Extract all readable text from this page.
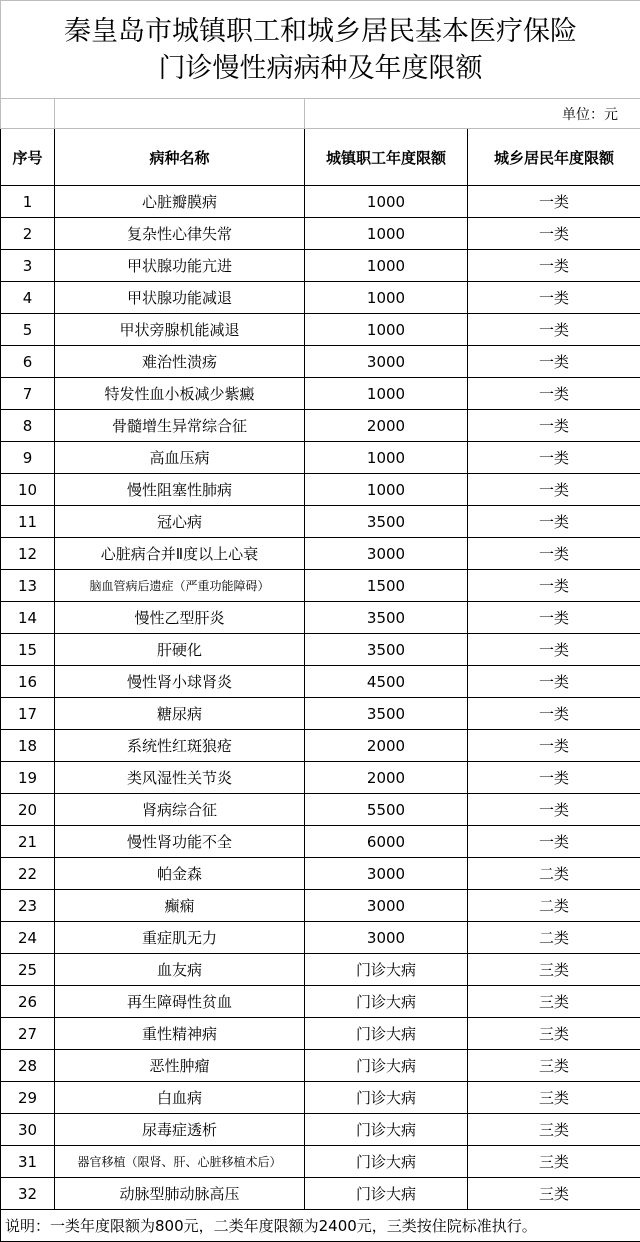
秦皇岛市城镇职工和城乡居民基本医疗保险
门诊慢性病病种及年度限额			

		单位：元	
序号	病种名称	城镇职工年度限额	城乡居民年度限额
1	心脏瓣膜病	1000	一类
2	复杂性心律失常	1000	一类
3	甲状腺功能亢进	1000	一类
4	甲状腺功能减退	1000	一类
5	甲状旁腺机能减退	1000	一类
6	难治性溃疡	3000	一类
7	特发性血小板减少紫癜	1000	一类
8	骨髓增生异常综合征	2000	一类
9	高血压病	1000	一类
10	慢性阻塞性肺病	1000	一类
11	冠心病	3500	一类
12	心脏病合并Ⅱ度以上心衰	3000	一类
13	脑血管病后遗症（严重功能障碍）	1500	一类
14	慢性乙型肝炎	3500	一类
15	肝硬化	3500	一类
16	慢性肾小球肾炎	4500	一类
17	糖尿病	3500	一类
18	系统性红斑狼疮	2000	一类
19	类风湿性关节炎	2000	一类
20	肾病综合征	5500	一类
21	慢性肾功能不全	6000	一类
22	帕金森	3000	二类
23	癫痫	3000	二类
24	重症肌无力	3000	二类
25	血友病	门诊大病	三类
26	再生障碍性贫血	门诊大病	三类
27	重性精神病	门诊大病	三类
28	恶性肿瘤	门诊大病	三类
29	白血病	门诊大病	三类
30	尿毒症透析	门诊大病	三类
31	器官移植（限肾、肝、心脏移植术后）	门诊大病	三类
32	动脉型肺动脉高压	门诊大病	三类
说明：一类年度限额为800元，二类年度限额为2400元，三类按住院标准执行。			
